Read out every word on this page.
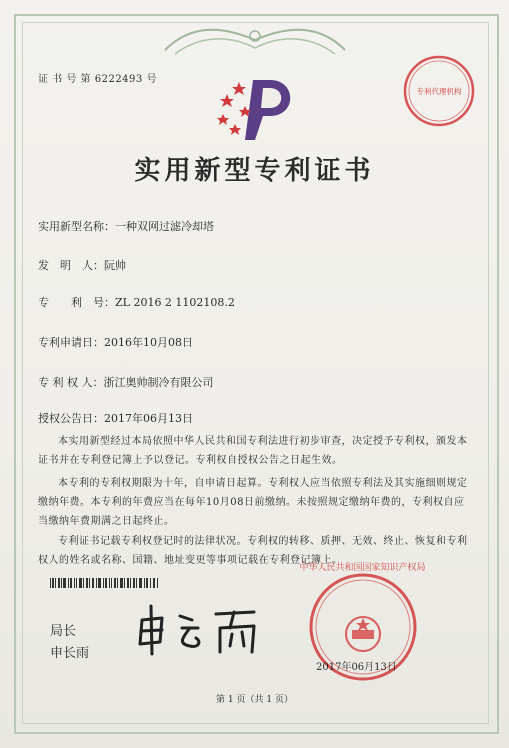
证 书 号 第 6222493 号
专利代理机构
实用新型专利证书
实用新型名称：一种双网过滤冷却塔
发　明　人：阮帅
专　　利　号：ZL 2016 2 1102108.2
专利申请日：2016年10月08日
专 利 权 人：浙江奥帅制冷有限公司
授权公告日：2017年06月13日
本实用新型经过本局依照中华人民共和国专利法进行初步审查，决定授予专利权，颁发本证书并在专利登记簿上予以登记。专利权自授权公告之日起生效。
本专利的专利权期限为十年，自申请日起算。专利权人应当依照专利法及其实施细则规定缴纳年费。本专利的年费应当在每年10月08日前缴纳。未按照规定缴纳年费的，专利权自应当缴纳年费期满之日起终止。
专利证书记载专利权登记时的法律状况。专利权的转移、质押、无效、终止、恢复和专利权人的姓名或名称、国籍、地址变更等事项记载在专利登记簿上。
局长
申长雨
中华人民共和国国家知识产权局
2017年06月13日
第 1 页（共 1 页）
